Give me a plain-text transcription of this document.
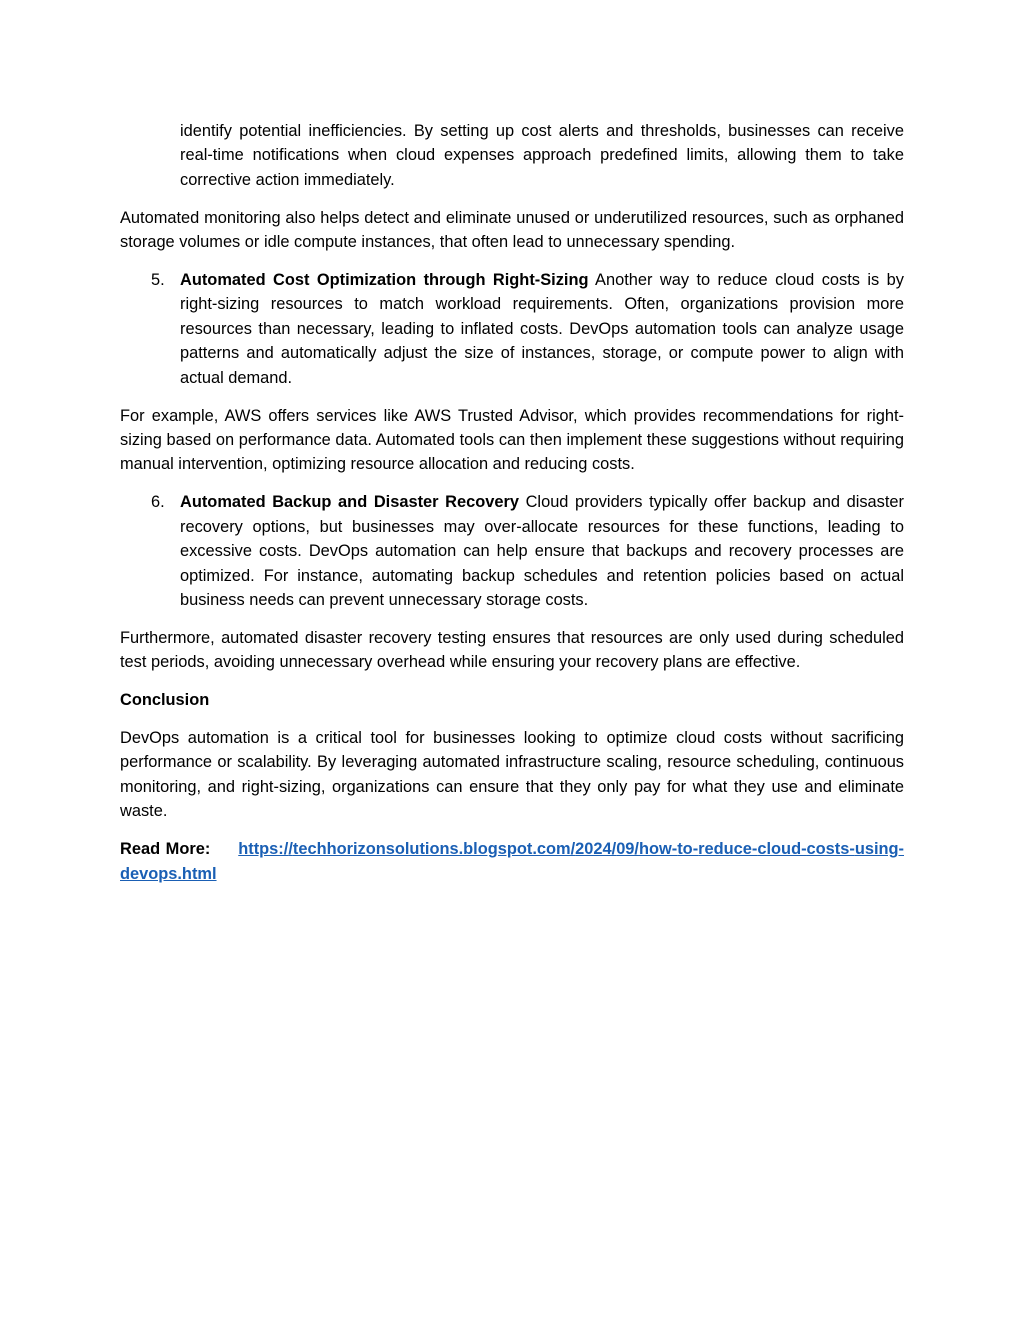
identify potential inefficiencies. By setting up cost alerts and thresholds, businesses can receive real-time notifications when cloud expenses approach predefined limits, allowing them to take corrective action immediately.

Automated monitoring also helps detect and eliminate unused or underutilized resources, such as orphaned storage volumes or idle compute instances, that often lead to unnecessary spending.

5. Automated Cost Optimization through Right-Sizing Another way to reduce cloud costs is by right-sizing resources to match workload requirements. Often, organizations provision more resources than necessary, leading to inflated costs. DevOps automation tools can analyze usage patterns and automatically adjust the size of instances, storage, or compute power to align with actual demand.

For example, AWS offers services like AWS Trusted Advisor, which provides recommendations for right-sizing based on performance data. Automated tools can then implement these suggestions without requiring manual intervention, optimizing resource allocation and reducing costs.

6. Automated Backup and Disaster Recovery Cloud providers typically offer backup and disaster recovery options, but businesses may over-allocate resources for these functions, leading to excessive costs. DevOps automation can help ensure that backups and recovery processes are optimized. For instance, automating backup schedules and retention policies based on actual business needs can prevent unnecessary storage costs.

Furthermore, automated disaster recovery testing ensures that resources are only used during scheduled test periods, avoiding unnecessary overhead while ensuring your recovery plans are effective.

Conclusion

DevOps automation is a critical tool for businesses looking to optimize cloud costs without sacrificing performance or scalability. By leveraging automated infrastructure scaling, resource scheduling, continuous monitoring, and right-sizing, organizations can ensure that they only pay for what they use and eliminate waste.

Read More: https://techhorizonsolutions.blogspot.com/2024/09/how-to-reduce-cloud-costs-using-devops.html
